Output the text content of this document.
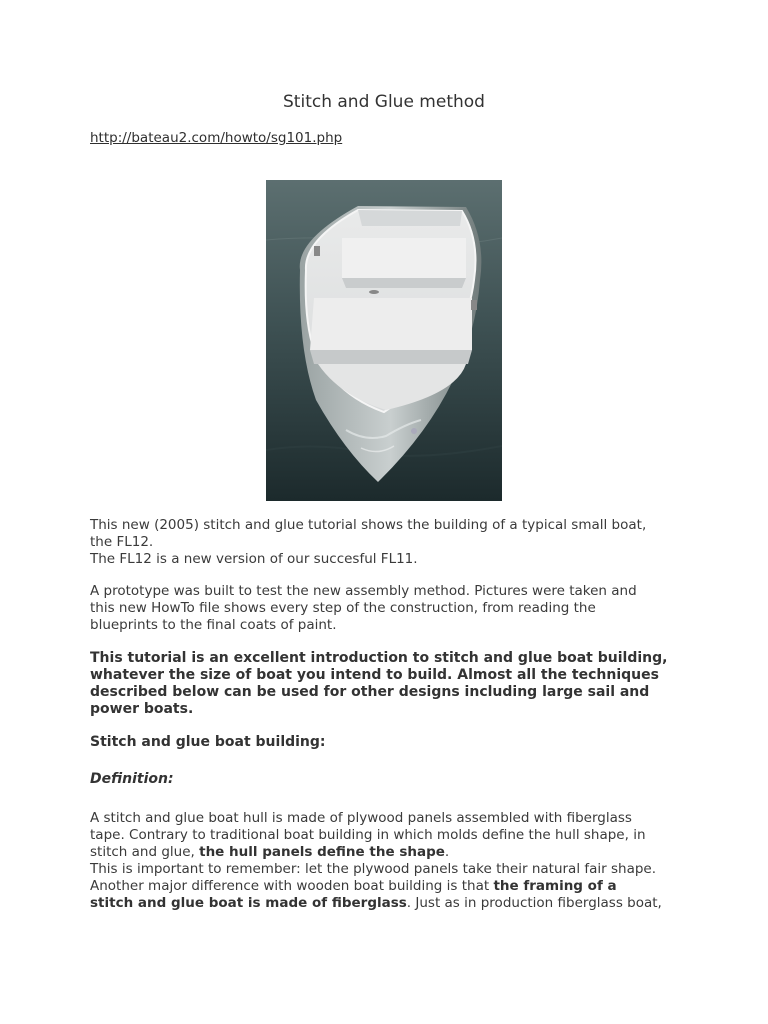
Stitch and Glue method
http://bateau2.com/howto/sg101.php
This new (2005) stitch and glue tutorial shows the building of a typical small boat,
the FL12.
The FL12 is a new version of our succesful FL11.
A prototype was built to test the new assembly method. Pictures were taken and
this new HowTo file shows every step of the construction, from reading the
blueprints to the final coats of paint.
This tutorial is an excellent introduction to stitch and glue boat building,
whatever the size of boat you intend to build. Almost all the techniques
described below can be used for other designs including large sail and
power boats.
Stitch and glue boat building:
Definition:
A stitch and glue boat hull is made of plywood panels assembled with fiberglass
tape. Contrary to traditional boat building in which molds define the hull shape, in
stitch and glue, the hull panels define the shape.
This is important to remember: let the plywood panels take their natural fair shape.
Another major difference with wooden boat building is that the framing of a
stitch and glue boat is made of fiberglass. Just as in production fiberglass boat,
